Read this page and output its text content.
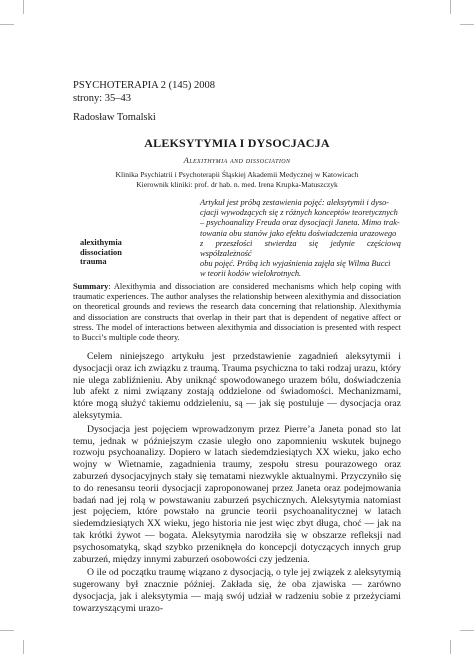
PSYCHOTERAPIA 2 (145) 2008
strony: 35–43
Radosław Tomalski
ALEKSYTYMIA I DYSOCJACJA
Alexithymia and dissociation
Klinika Psychiatrii i Psychoterapii Śląskiej Akademii Medycznej w Katowicach
Kierownik kliniki: prof. dr hab. n. med. Irena Krupka-Matuszczyk
Artykuł jest próbą zestawienia pojęć: aleksytymii i dyso-
cjacji wywodzących się z różnych konceptów teoretycznych
– psychoanalizy Freuda oraz dysocjacji Janeta. Mimo trak-
towania obu stanów jako efektu doświadczenia urazowego
z przeszłości stwierdza się jedynie częściową współzależność
obu pojęć. Próbą ich wyjaśnienia zajęła się Wilma Bucci
w teorii kodów wielokrotnych.
alexithymia
dissociation
trauma
Summary: Alexithymia and dissociation are considered mechanisms which help coping with traumatic experiences. The author analyses the relationship between alexithymia and dissociation on theoretical grounds and reviews the research data concerning that relationship. Alexithymia and dissociation are constructs that overlap in their part that is dependent of negative affect or stress. The model of interactions between alexithymia and dissociation is presented with respect to Bucci’s multiple code theory.

Celem niniejszego artykułu jest przedstawienie zagadnień aleksytymii i dysocjacji oraz ich związku z traumą. Trauma psychiczna to taki rodzaj urazu, który nie ulega zabliźnieniu. Aby uniknąć spowodowanego urazem bólu, doświadczenia lub afekt z nimi związany zostają oddzielone od świadomości. Mechanizmami, które mogą służyć takiemu oddzieleniu, są — jak się postuluje — dysocjacja oraz aleksytymia.

Dysocjacja jest pojęciem wprowadzonym przez Pierre’a Janeta ponad sto lat temu, jednak w późniejszym czasie uległo ono zapomnieniu wskutek bujnego rozwoju psychoanalizy. Dopiero w latach siedemdziesiątych XX wieku, jako echo wojny w Wietnamie, zagadnienia traumy, zespołu stresu pourazowego oraz zaburzeń dysocjacyjnych stały się tematami niezwykle aktualnymi. Przyczyniło się to do renesansu teorii dysocjacji zaproponowanej przez Janeta oraz podejmowania badań nad jej rolą w powstawaniu zaburzeń psychicznych. Aleksytymia natomiast jest pojęciem, które powstało na gruncie teorii psychoanalitycznej w latach siedemdziesiątych XX wieku, jego historia nie jest więc zbyt długa, choć — jak na tak krótki żywot — bogata. Aleksytymia narodziła się w obszarze refleksji nad psychosomatyką, skąd szybko przeniknęła do koncepcji dotyczących innych grup zaburzeń, między innymi zaburzeń osobowości czy jedzenia.

O ile od początku traumę wiązano z dysocjacją, o tyle jej związek z aleksytymią sugerowany był znacznie później. Zakłada się, że oba zjawiska — zarówno dysocjacja, jak i aleksytymia — mają swój udział w radzeniu sobie z przeżyciami towarzyszącymi urazo-
